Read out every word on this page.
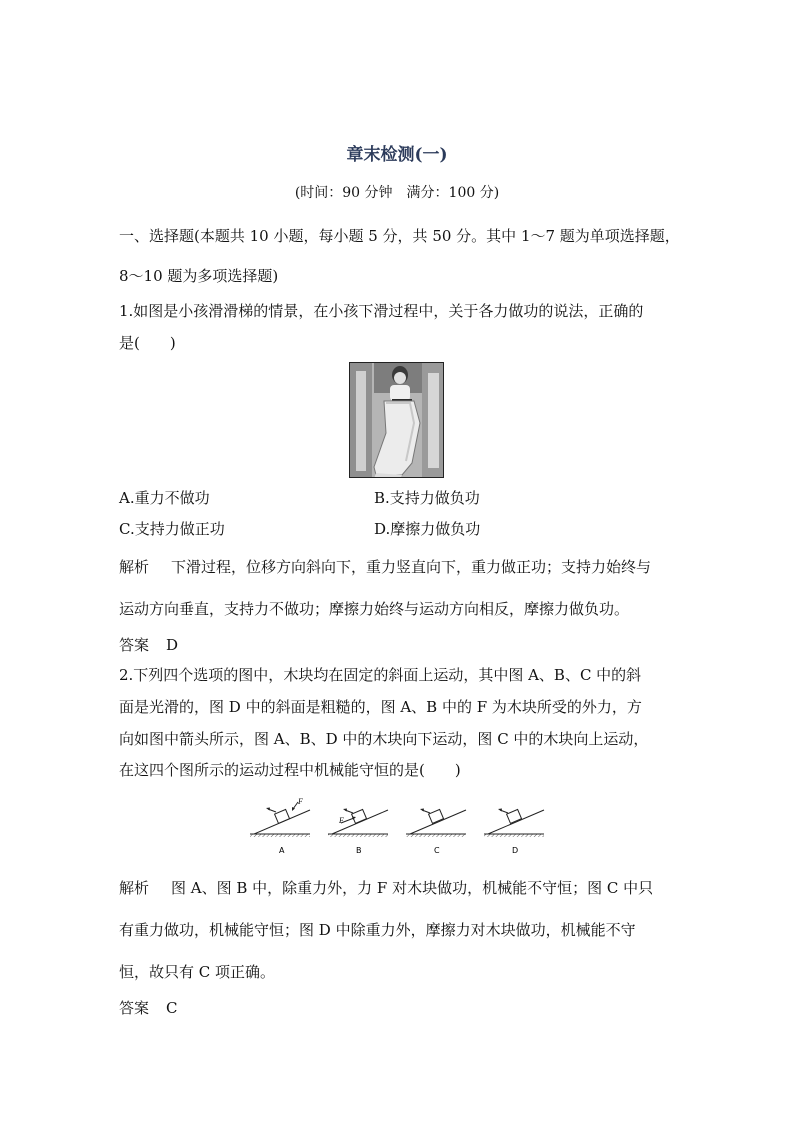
章末检测(一)
(时间：90 分钟　满分：100 分)
一、选择题(本题共 10 小题，每小题 5 分，共 50 分。其中 1～7 题为单项选择题，
8～10 题为多项选择题)
1.如图是小孩滑滑梯的情景，在小孩下滑过程中，关于各力做功的说法，正确的
是(　　)
A.重力不做功	B.支持力做负功
C.支持力做正功	D.摩擦力做负功
解析 下滑过程，位移方向斜向下，重力竖直向下，重力做正功；支持力始终与
运动方向垂直，支持力不做功；摩擦力始终与运动方向相反，摩擦力做负功。
答案 D
2.下列四个选项的图中，木块均在固定的斜面上运动，其中图 A、B、C 中的斜
面是光滑的，图 D 中的斜面是粗糙的，图 A、B 中的 F 为木块所受的外力，方
向如图中箭头所示，图 A、B、D 中的木块向下运动，图 C 中的木块向上运动，
在这四个图所示的运动过程中机械能守恒的是(　　)
F
A
F
B	C	D
解析 图 A、图 B 中，除重力外，力 F 对木块做功，机械能不守恒；图 C 中只
有重力做功，机械能守恒；图 D 中除重力外，摩擦力对木块做功，机械能不守
恒，故只有 C 项正确。
答案 C
